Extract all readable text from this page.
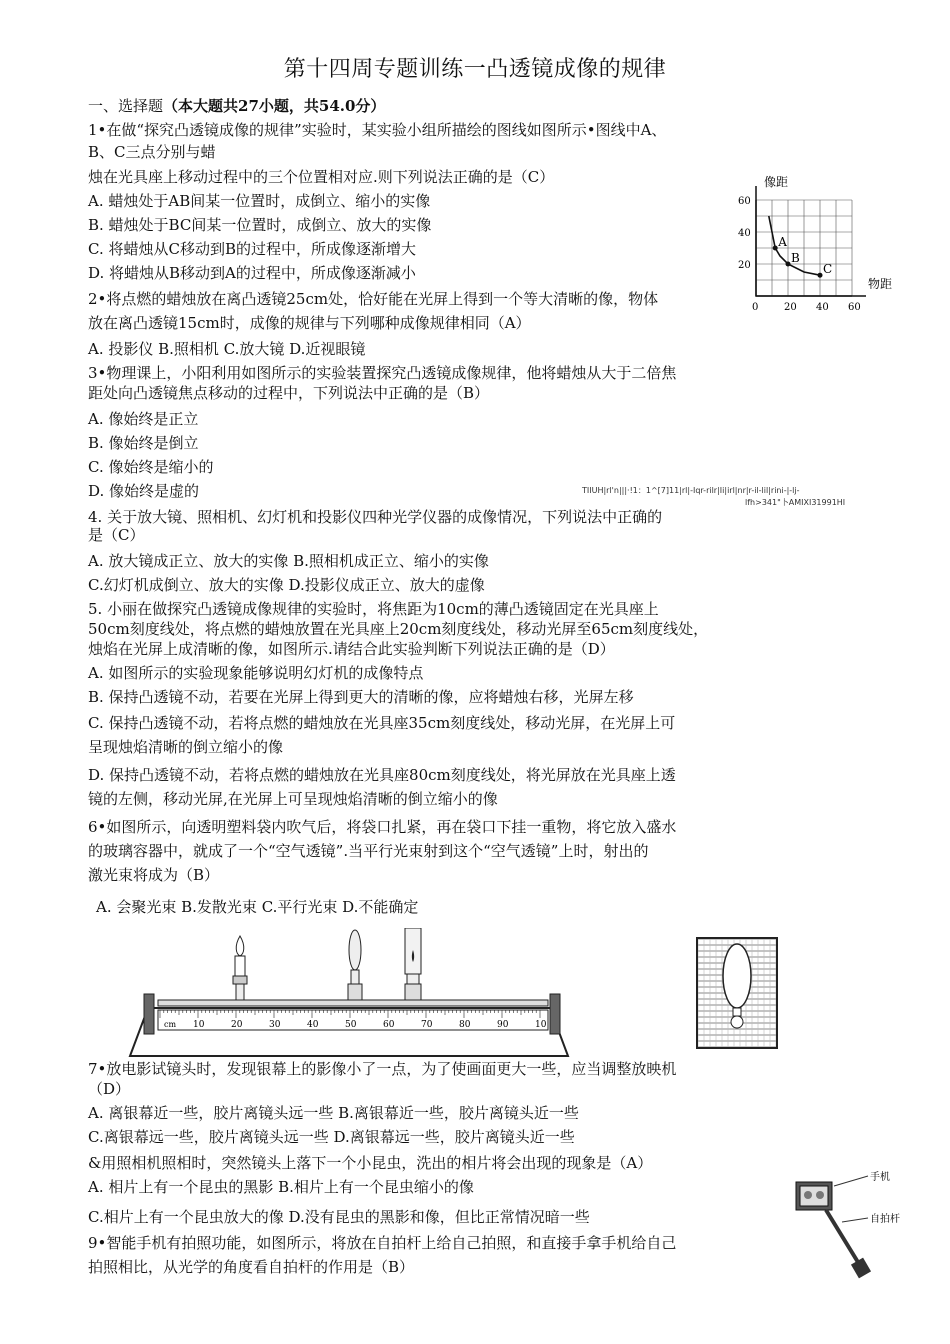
第十四周专题训练一凸透镜成像的规律
一、选择题（本大题共27小题，共54.0分）
1•在做“探究凸透镜成像的规律”实验时，某实验小组所描绘的图线如图所示•图线中A、
B、C三点分别与蜡
烛在光具座上移动过程中的三个位置相对应.则下列说法正确的是（C）
A. 蜡烛处于AB间某一位置时，成倒立、缩小的实像
B. 蜡烛处于BC间某一位置时，成倒立、放大的实像
C. 将蜡烛从C移动到B的过程中，所成像逐渐增大
D. 将蜡烛从B移动到A的过程中，所成像逐渐减小
2•将点燃的蜡烛放在离凸透镜25cm处，恰好能在光屏上得到一个等大清晰的像，物体
放在离凸透镜15cm时，成像的规律与下列哪种成像规律相同（A）
A. 投影仪 B.照相机 C.放大镜 D.近视眼镜
3•物理课上，小阳利用如图所示的实验装置探究凸透镜成像规律，他将蜡烛从大于二倍焦
距处向凸透镜焦点移动的过程中，下列说法中正确的是（B）
A. 像始终是正立
B. 像始终是倒立
C. 像始终是缩小的
D. 像始终是虚的
4. 关于放大镜、照相机、幻灯机和投影仪四种光学仪器的成像情况，下列说法中正确的
是（C）
A. 放大镜成正立、放大的实像 B.照相机成正立、缩小的实像
C.幻灯机成倒立、放大的实像 D.投影仪成正立、放大的虚像
5. 小丽在做探究凸透镜成像规律的实验时，将焦距为10cm的薄凸透镜固定在光具座上
50cm刻度线处，将点燃的蜡烛放置在光具座上20cm刻度线处，移动光屏至65cm刻度线处，
烛焰在光屏上成清晰的像，如图所示.请结合此实验判断下列说法正确的是（D）
A. 如图所示的实验现象能够说明幻灯机的成像特点
B. 保持凸透镜不动，若要在光屏上得到更大的清晰的像，应将蜡烛右移，光屏左移
C. 保持凸透镜不动，若将点燃的蜡烛放在光具座35cm刻度线处，移动光屏，在光屏上可
呈现烛焰清晰的倒立缩小的像
D. 保持凸透镜不动，若将点燃的蜡烛放在光具座80cm刻度线处，将光屏放在光具座上透
镜的左侧，移动光屏,在光屏上可呈现烛焰清晰的倒立缩小的像
6•如图所示，向透明塑料袋内吹气后，将袋口扎紧，再在袋口下挂一重物，将它放入盛水
的玻璃容器中，就成了一个“空气透镜”.当平行光束射到这个“空气透镜”上时，射出的
激光束将成为（B）
A. 会聚光束 B.发散光束 C.平行光束 D.不能确定
7•放电影试镜头时，发现银幕上的影像小了一点，为了使画面更大一些，应当调整放映机
（D）
A. 离银幕近一些，胶片离镜头远一些 B.离银幕近一些，胶片离镜头近一些
C.离银幕远一些，胶片离镜头远一些 D.离银幕远一些，胶片离镜头近一些
&用照相机照相时，突然镜头上落下一个小昆虫，洗出的相片将会出现的现象是（A）
A. 相片上有一个昆虫的黑影 B.相片上有一个昆虫缩小的像
C.相片上有一个昆虫放大的像 D.没有昆虫的黑影和像，但比正常情况暗一些
9•智能手机有拍照功能，如图所示，将放在自拍杆上给自己拍照，和直接手拿手机给自己
拍照相比，从光学的角度看自拍杆的作用是（B）
像距
物距
60
40
20
0	20 40 60
A
B
C
TIIUH|rl'n|||·!1：1^[7]11|rl|-Iqr-rilr|Ii|irl|nr|r-il-lil|rini-|-lj-
lfh>341"卜AMIXI31991HI
10	20	30	40	50	60	70	80	90	10
cm
手机
自拍杆
